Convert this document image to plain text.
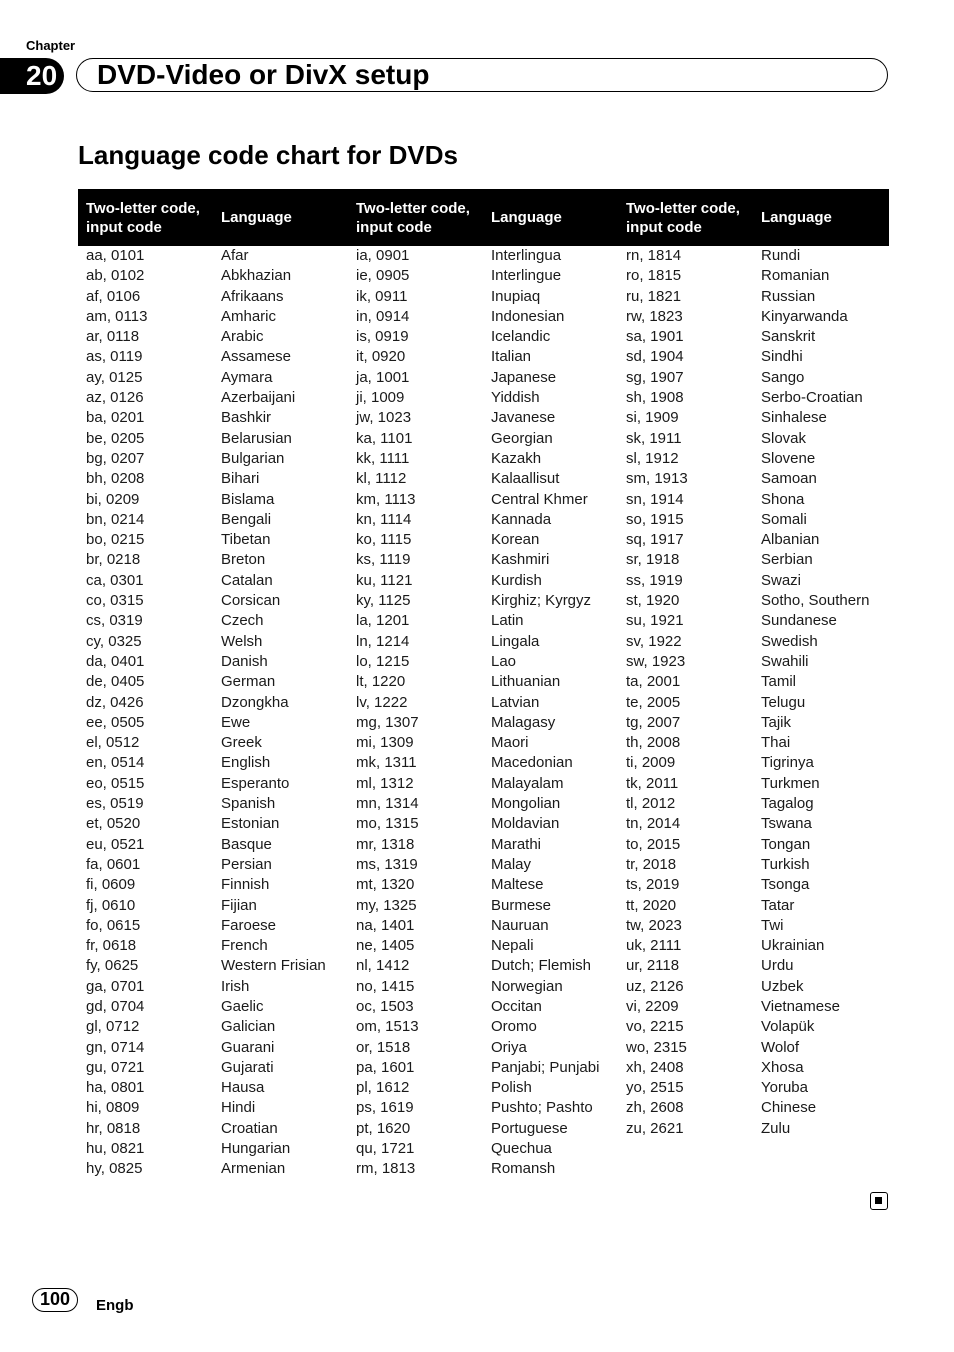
Chapter
20 DVD-Video or DivX setup
Language code chart for DVDs
Two-letter code, input code	Language	Two-letter code, input code	Language	Two-letter code, input code	Language
aa, 0101	Afar	ia, 0901	Interlingua	rn, 1814	Rundi
ab, 0102	Abkhazian	ie, 0905	Interlingue	ro, 1815	Romanian
af, 0106	Afrikaans	ik, 0911	Inupiaq	ru, 1821	Russian
am, 0113	Amharic	in, 0914	Indonesian	rw, 1823	Kinyarwanda
ar, 0118	Arabic	is, 0919	Icelandic	sa, 1901	Sanskrit
as, 0119	Assamese	it, 0920	Italian	sd, 1904	Sindhi
ay, 0125	Aymara	ja, 1001	Japanese	sg, 1907	Sango
az, 0126	Azerbaijani	ji, 1009	Yiddish	sh, 1908	Serbo-Croatian
ba, 0201	Bashkir	jw, 1023	Javanese	si, 1909	Sinhalese
be, 0205	Belarusian	ka, 1101	Georgian	sk, 1911	Slovak
bg, 0207	Bulgarian	kk, 1111	Kazakh	sl, 1912	Slovene
bh, 0208	Bihari	kl, 1112	Kalaallisut	sm, 1913	Samoan
bi, 0209	Bislama	km, 1113	Central Khmer	sn, 1914	Shona
bn, 0214	Bengali	kn, 1114	Kannada	so, 1915	Somali
bo, 0215	Tibetan	ko, 1115	Korean	sq, 1917	Albanian
br, 0218	Breton	ks, 1119	Kashmiri	sr, 1918	Serbian
ca, 0301	Catalan	ku, 1121	Kurdish	ss, 1919	Swazi
co, 0315	Corsican	ky, 1125	Kirghiz; Kyrgyz	st, 1920	Sotho, Southern
cs, 0319	Czech	la, 1201	Latin	su, 1921	Sundanese
cy, 0325	Welsh	ln, 1214	Lingala	sv, 1922	Swedish
da, 0401	Danish	lo, 1215	Lao	sw, 1923	Swahili
de, 0405	German	lt, 1220	Lithuanian	ta, 2001	Tamil
dz, 0426	Dzongkha	lv, 1222	Latvian	te, 2005	Telugu
ee, 0505	Ewe	mg, 1307	Malagasy	tg, 2007	Tajik
el, 0512	Greek	mi, 1309	Maori	th, 2008	Thai
en, 0514	English	mk, 1311	Macedonian	ti, 2009	Tigrinya
eo, 0515	Esperanto	ml, 1312	Malayalam	tk, 2011	Turkmen
es, 0519	Spanish	mn, 1314	Mongolian	tl, 2012	Tagalog
et, 0520	Estonian	mo, 1315	Moldavian	tn, 2014	Tswana
eu, 0521	Basque	mr, 1318	Marathi	to, 2015	Tongan
fa, 0601	Persian	ms, 1319	Malay	tr, 2018	Turkish
fi, 0609	Finnish	mt, 1320	Maltese	ts, 2019	Tsonga
fj, 0610	Fijian	my, 1325	Burmese	tt, 2020	Tatar
fo, 0615	Faroese	na, 1401	Nauruan	tw, 2023	Twi
fr, 0618	French	ne, 1405	Nepali	uk, 2111	Ukrainian
fy, 0625	Western Frisian	nl, 1412	Dutch; Flemish	ur, 2118	Urdu
ga, 0701	Irish	no, 1415	Norwegian	uz, 2126	Uzbek
gd, 0704	Gaelic	oc, 1503	Occitan	vi, 2209	Vietnamese
gl, 0712	Galician	om, 1513	Oromo	vo, 2215	Volapük
gn, 0714	Guarani	or, 1518	Oriya	wo, 2315	Wolof
gu, 0721	Gujarati	pa, 1601	Panjabi; Punjabi	xh, 2408	Xhosa
ha, 0801	Hausa	pl, 1612	Polish	yo, 2515	Yoruba
hi, 0809	Hindi	ps, 1619	Pushto; Pashto	zh, 2608	Chinese
hr, 0818	Croatian	pt, 1620	Portuguese	zu, 2621	Zulu
hu, 0821	Hungarian	qu, 1721	Quechua		
hy, 0825	Armenian	rm, 1813	Romansh		
100	Engb
